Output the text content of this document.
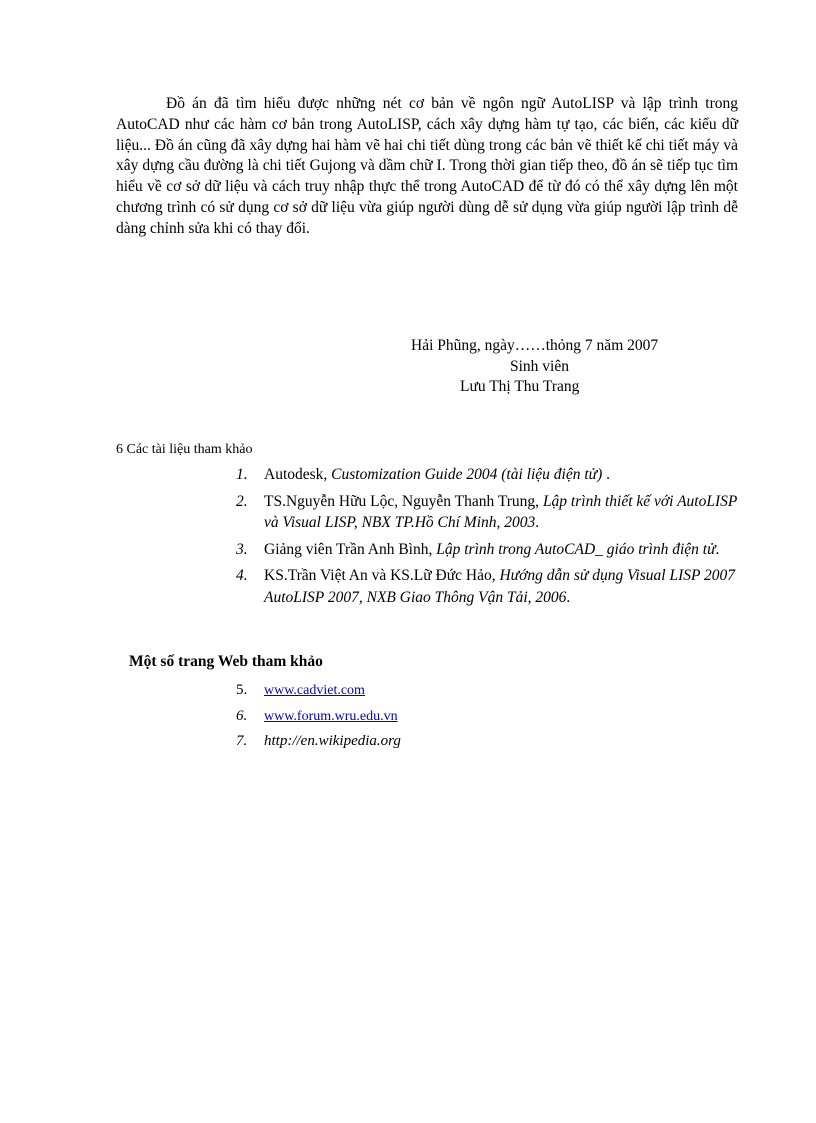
Đồ án đã tìm hiểu được những nét cơ bản về ngôn ngữ AutoLISP và lập trình trong AutoCAD như các hàm cơ bản trong AutoLISP, cách xây dựng hàm tự tạo, các biến, các kiểu dữ liệu... Đồ án cũng đã xây dựng hai hàm vẽ hai chi tiết dùng trong các bản vẽ thiết kế chi tiết máy và xây dựng cầu đường là chi tiết Gujong và dầm chữ I. Trong thời gian tiếp theo, đồ án sẽ tiếp tục tìm hiểu về cơ sở dữ liệu và cách truy nhập thực thể trong AutoCAD để từ đó có thể xây dựng lên một chương trình có sử dụng cơ sở dữ liệu vừa giúp người dùng dễ sử dụng vừa giúp người lập trình dễ dàng chỉnh sửa khi có thay đổi.

Hải Phũng, ngày……thỏng 7 năm 2007
Sinh viên
Lưu Thị Thu Trang
6 Các tài liệu tham khảo
1. Autodesk, Customization Guide 2004 (tài liệu điện tử) .
2. TS.Nguyễn Hữu Lộc, Nguyễn Thanh Trung, Lập trình thiết kế với AutoLISP và Visual LISP, NBX TP.Hồ Chí Minh, 2003.
3. Giảng viên Trần Anh Bình, Lập trình trong AutoCAD_ giáo trình điện tử.
4. KS.Trần Việt An và KS.Lữ Đức Hảo, Hướng dẫn sử dụng Visual LISP 2007 AutoLISP 2007, NXB Giao Thông Vận Tải, 2006.
Một số trang Web tham khảo
5. www.cadviet.com
6. www.forum.wru.edu.vn
7. http://en.wikipedia.org
